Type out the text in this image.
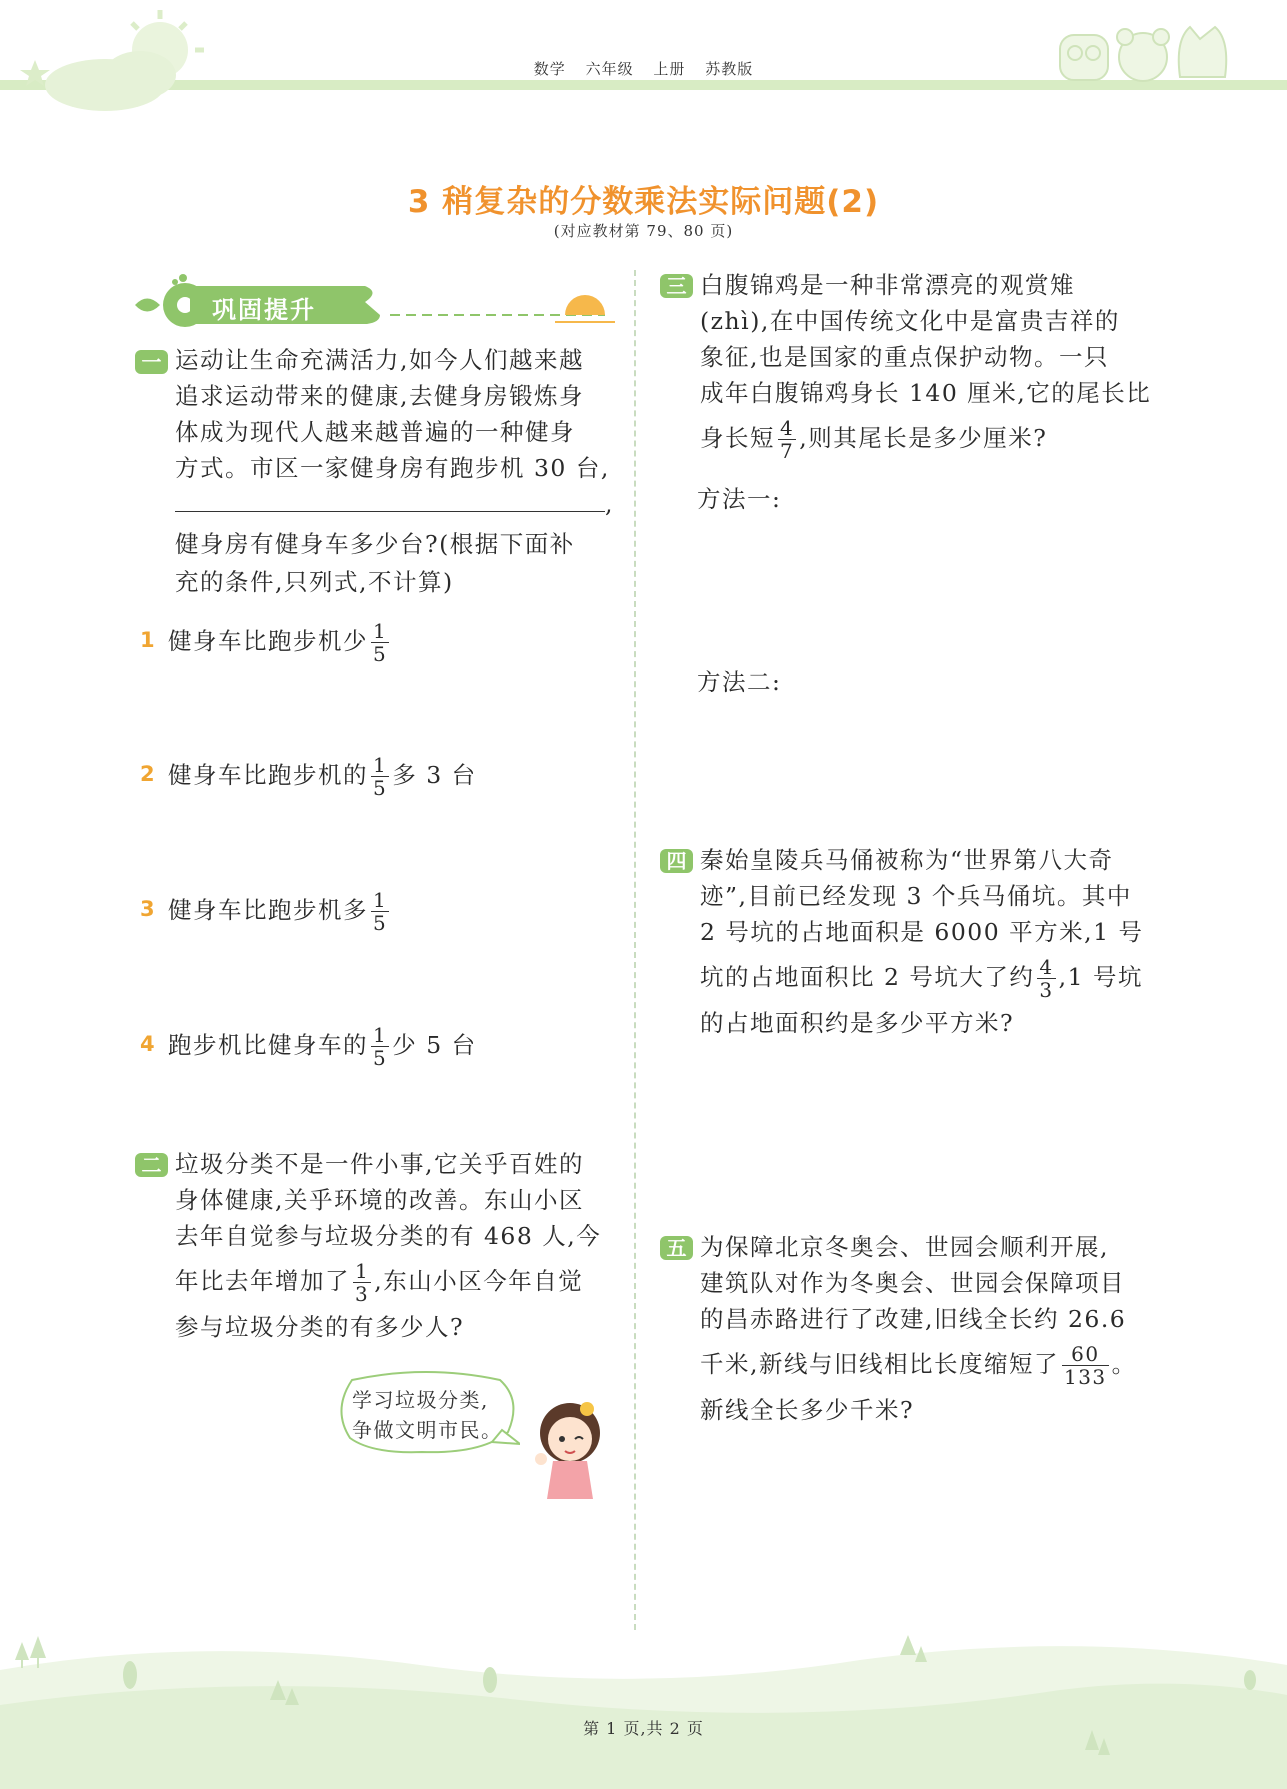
数学 六年级 上册 苏教版
3 稍复杂的分数乘法实际问题(2)
(对应教材第 79、80 页)
巩固提升
一 运动让生命充满活力,如今人们越来越

追求运动带来的健康,去健身房锻炼身

体成为现代人越来越普遍的一种健身

方式。市区一家健身房有跑步机 30 台,

,

健身房有健身车多少台?(根据下面补

充的条件,只列式,不计算)

1 健身车比跑步机少 $\frac{1}{5}$
2 健身车比跑步机的 $\frac{1}{5}$ 多 3 台
3 健身车比跑步机多 $\frac{1}{5}$
4 跑步机比健身车的 $\frac{1}{5}$ 少 5 台
二 垃圾分类不是一件小事,它关乎百姓的

身体健康,关乎环境的改善。东山小区

去年自觉参与垃圾分类的有 468 人,今

年比去年增加了 $\frac{1}{3}$ ,东山小区今年自觉

参与垃圾分类的有多少人?

学习垃圾分类,
争做文明市民。
三 白腹锦鸡是一种非常漂亮的观赏雉

(zhì),在中国传统文化中是富贵吉祥的

象征,也是国家的重点保护动物。一只

成年白腹锦鸡身长 140 厘米,它的尾长比

身长短 $\frac{4}{7}$ ,则其尾长是多少厘米?

方法一:
方法二:
四 秦始皇陵兵马俑被称为“世界第八大奇

迹”,目前已经发现 3 个兵马俑坑。其中

2 号坑的占地面积是 6000 平方米,1 号

坑的占地面积比 2 号坑大了约 $\frac{4}{3} ,1$ 号坑

的占地面积约是多少平方米?

五 为保障北京冬奥会、世园会顺利开展,

建筑队对作为冬奥会、世园会保障项目

的昌赤路进行了改建,旧线全长约 26.6

千米,新线与旧线相比长度缩短了 $\frac{60}{133}$ 。

新线全长多少千米?

第 1 页,共 2 页
